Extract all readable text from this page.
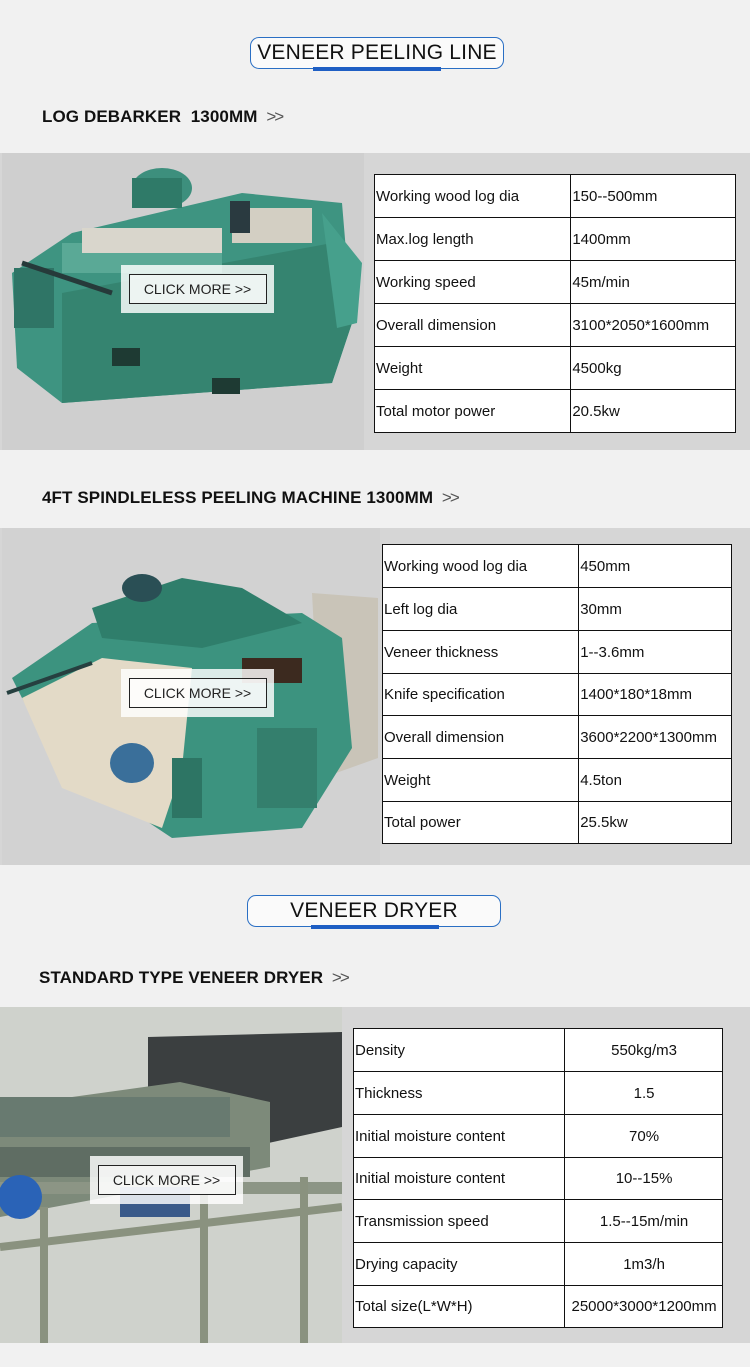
VENEER PEELING LINE
LOG DEBARKER  1300MM >>
CLICK MORE >>
Working wood log dia	150--500mm
Max.log length	1400mm
Working speed	45m/min
Overall dimension	3100*2050*1600mm
Weight	4500kg
Total motor power	20.5kw
4FT SPINDLELESS PEELING MACHINE 1300MM >>
CLICK MORE >>
Working wood log dia	450mm
Left log dia	30mm
Veneer thickness	1--3.6mm
Knife specification	1400*180*18mm
Overall dimension	3600*2200*1300mm
Weight	4.5ton
Total power	25.5kw
VENEER DRYER
STANDARD TYPE VENEER DRYER >>
CLICK MORE >>
Density	550kg/m3
Thickness	1.5
Initial moisture content	70%
Initial moisture content	10--15%
Transmission speed	1.5--15m/min
Drying capacity	1m3/h
Total size(L*W*H)	25000*3000*1200mm
